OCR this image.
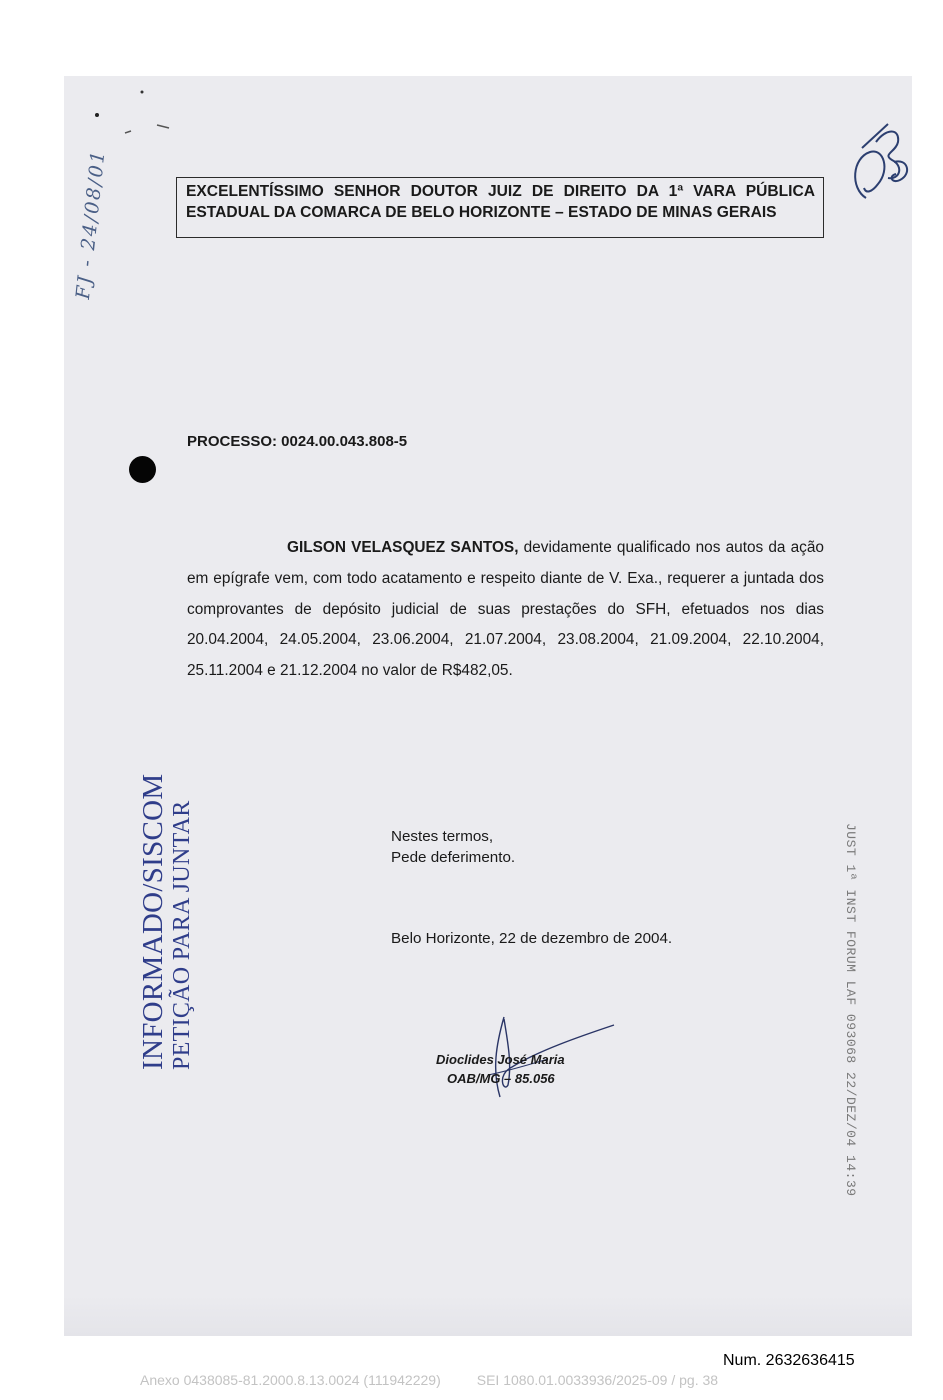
FJ - 24/08/01	EXCELENTÍSSIMO SENHOR DOUTOR JUIZ DE DIREITO DA 1ª VARA PÚBLICA ESTADUAL DA COMARCA DE BELO HORIZONTE – ESTADO DE MINAS GERAIS
PROCESSO: 0024.00.043.808-5
GILSON VELASQUEZ SANTOS, devidamente qualificado nos autos da ação em epígrafe vem, com todo acatamento e respeito diante de V. Exa., requerer a juntada dos comprovantes de depósito judicial de suas prestações do SFH, efetuados nos dias 20.04.2004, 24.05.2004, 23.06.2004, 21.07.2004, 23.08.2004, 21.09.2004, 22.10.2004, 25.11.2004 e 21.12.2004 no valor de R$482,05.
INFORMADO/SISCOM PETIÇÃO PARA JUNTAR	Nestes termos,
Pede deferimento.
Belo Horizonte, 22 de dezembro de 2004.
Dioclides José Maria
OAB/MG – 85.056	JUST 1ª INST FORUM LAF 093068 22/DEZ/04 14:39
Num. 2632636415
Anexo 0438085-81.2000.8.13.0024 (111942229)	SEI 1080.01.0033936/2025-09 / pg. 38
